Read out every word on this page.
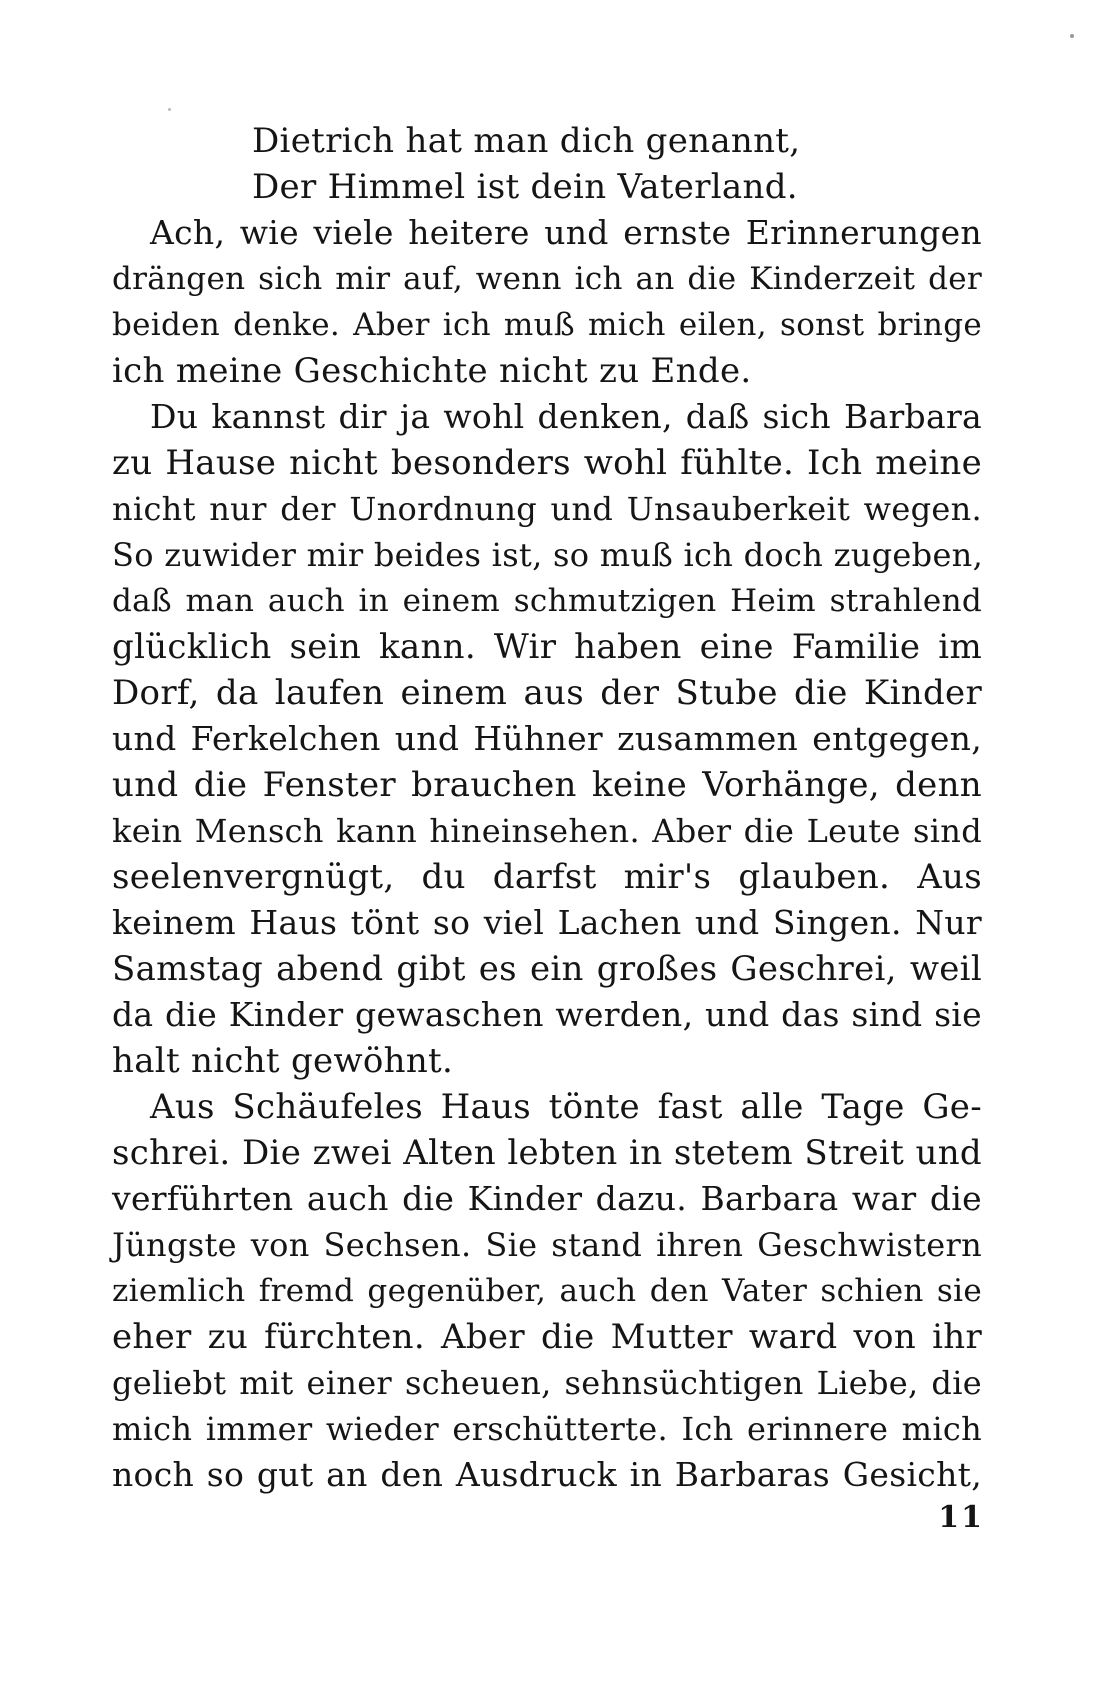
Dietrich hat man dich genannt,
Der Himmel ist dein Vaterland.
Ach, wie viele heitere und ernste Erinnerungen
drängen sich mir auf, wenn ich an die Kinderzeit der
beiden denke. Aber ich muß mich eilen, sonst bringe
ich meine Geschichte nicht zu Ende.
Du kannst dir ja wohl denken, daß sich Barbara
zu Hause nicht besonders wohl fühlte. Ich meine
nicht nur der Unordnung und Unsauberkeit wegen.
So zuwider mir beides ist, so muß ich doch zugeben,
daß man auch in einem schmutzigen Heim strahlend
glücklich sein kann. Wir haben eine Familie im
Dorf, da laufen einem aus der Stube die Kinder
und Ferkelchen und Hühner zusammen entgegen,
und die Fenster brauchen keine Vorhänge, denn
kein Mensch kann hineinsehen. Aber die Leute sind
seelenvergnügt, du darfst mir's glauben. Aus
keinem Haus tönt so viel Lachen und Singen. Nur
Samstag abend gibt es ein großes Geschrei, weil
da die Kinder gewaschen werden, und das sind sie
halt nicht gewöhnt.
Aus Schäufeles Haus tönte fast alle Tage Ge-
schrei. Die zwei Alten lebten in stetem Streit und
verführten auch die Kinder dazu. Barbara war die
Jüngste von Sechsen. Sie stand ihren Geschwistern
ziemlich fremd gegenüber, auch den Vater schien sie
eher zu fürchten. Aber die Mutter ward von ihr
geliebt mit einer scheuen, sehnsüchtigen Liebe, die
mich immer wieder erschütterte. Ich erinnere mich
noch so gut an den Ausdruck in Barbaras Gesicht,
11
